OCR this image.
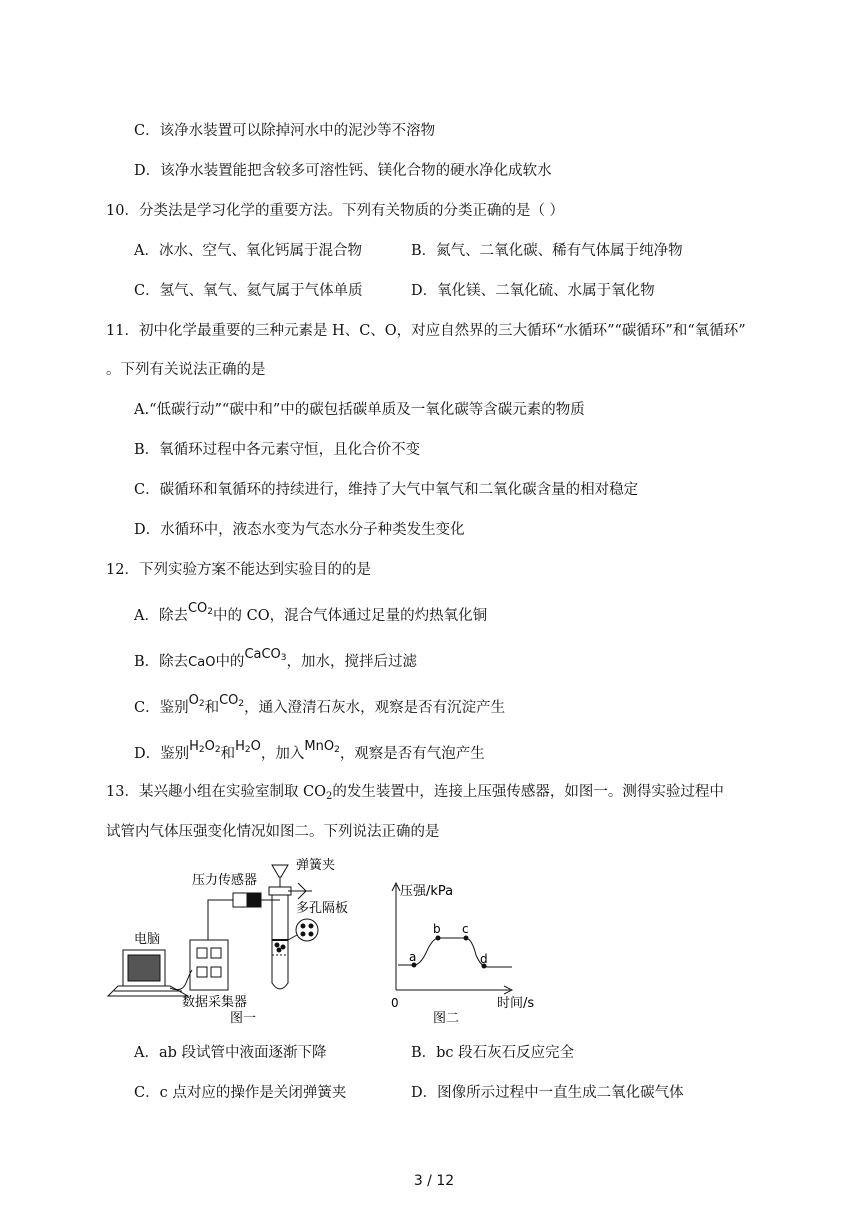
C．该净水装置可以除掉河水中的泥沙等不溶物
D．该净水装置能把含较多可溶性钙、镁化合物的硬水净化成软水
10．分类法是学习化学的重要方法。下列有关物质的分类正确的是（ ）
A．冰水、空气、氧化钙属于混合物	B．氮气、二氧化碳、稀有气体属于纯净物
C．氢气、氧气、氦气属于气体单质	D．氧化镁、二氧化硫、水属于氧化物
11．初中化学最重要的三种元素是 H、C、O，对应自然界的三大循环“水循环”“碳循环”和“氧循环”
。下列有关说法正确的是
A.“低碳行动”“碳中和”中的碳包括碳单质及一氧化碳等含碳元素的物质
B．氧循环过程中各元素守恒，且化合价不变
C．碳循环和氧循环的持续进行，维持了大气中氧气和二氧化碳含量的相对稳定
D．水循环中，液态水变为气态水分子种类发生变化
12．下列实验方案不能达到实验目的的是
A．除去$CO_2$中的 CO，混合气体通过足量的灼热氧化铜
B．除去CaO中的CaCO$_3$，加水，搅拌后过滤
C．鉴别$O_2$和$CO_2$，通入澄清石灰水，观察是否有沉淀产生
D．鉴别$H_2O_2$和$H_2O$，加入MnO$_2$，观察是否有气泡产生
13．某兴趣小组在实验室制取 $CO_2$的发生装置中，连接上压强传感器，如图一。测得实验过程中
试管内气体压强变化情况如图二。下列说法正确的是
压力传感器
弹簧夹
多孔隔板
电脑
数据采集器
图一
压强/kPa
时间/s
0
a
b c
d
图二
A．ab 段试管中液面逐渐下降	B．bc 段石灰石反应完全
C．c 点对应的操作是关闭弹簧夹	D．图像所示过程中一直生成二氧化碳气体
3 / 12
